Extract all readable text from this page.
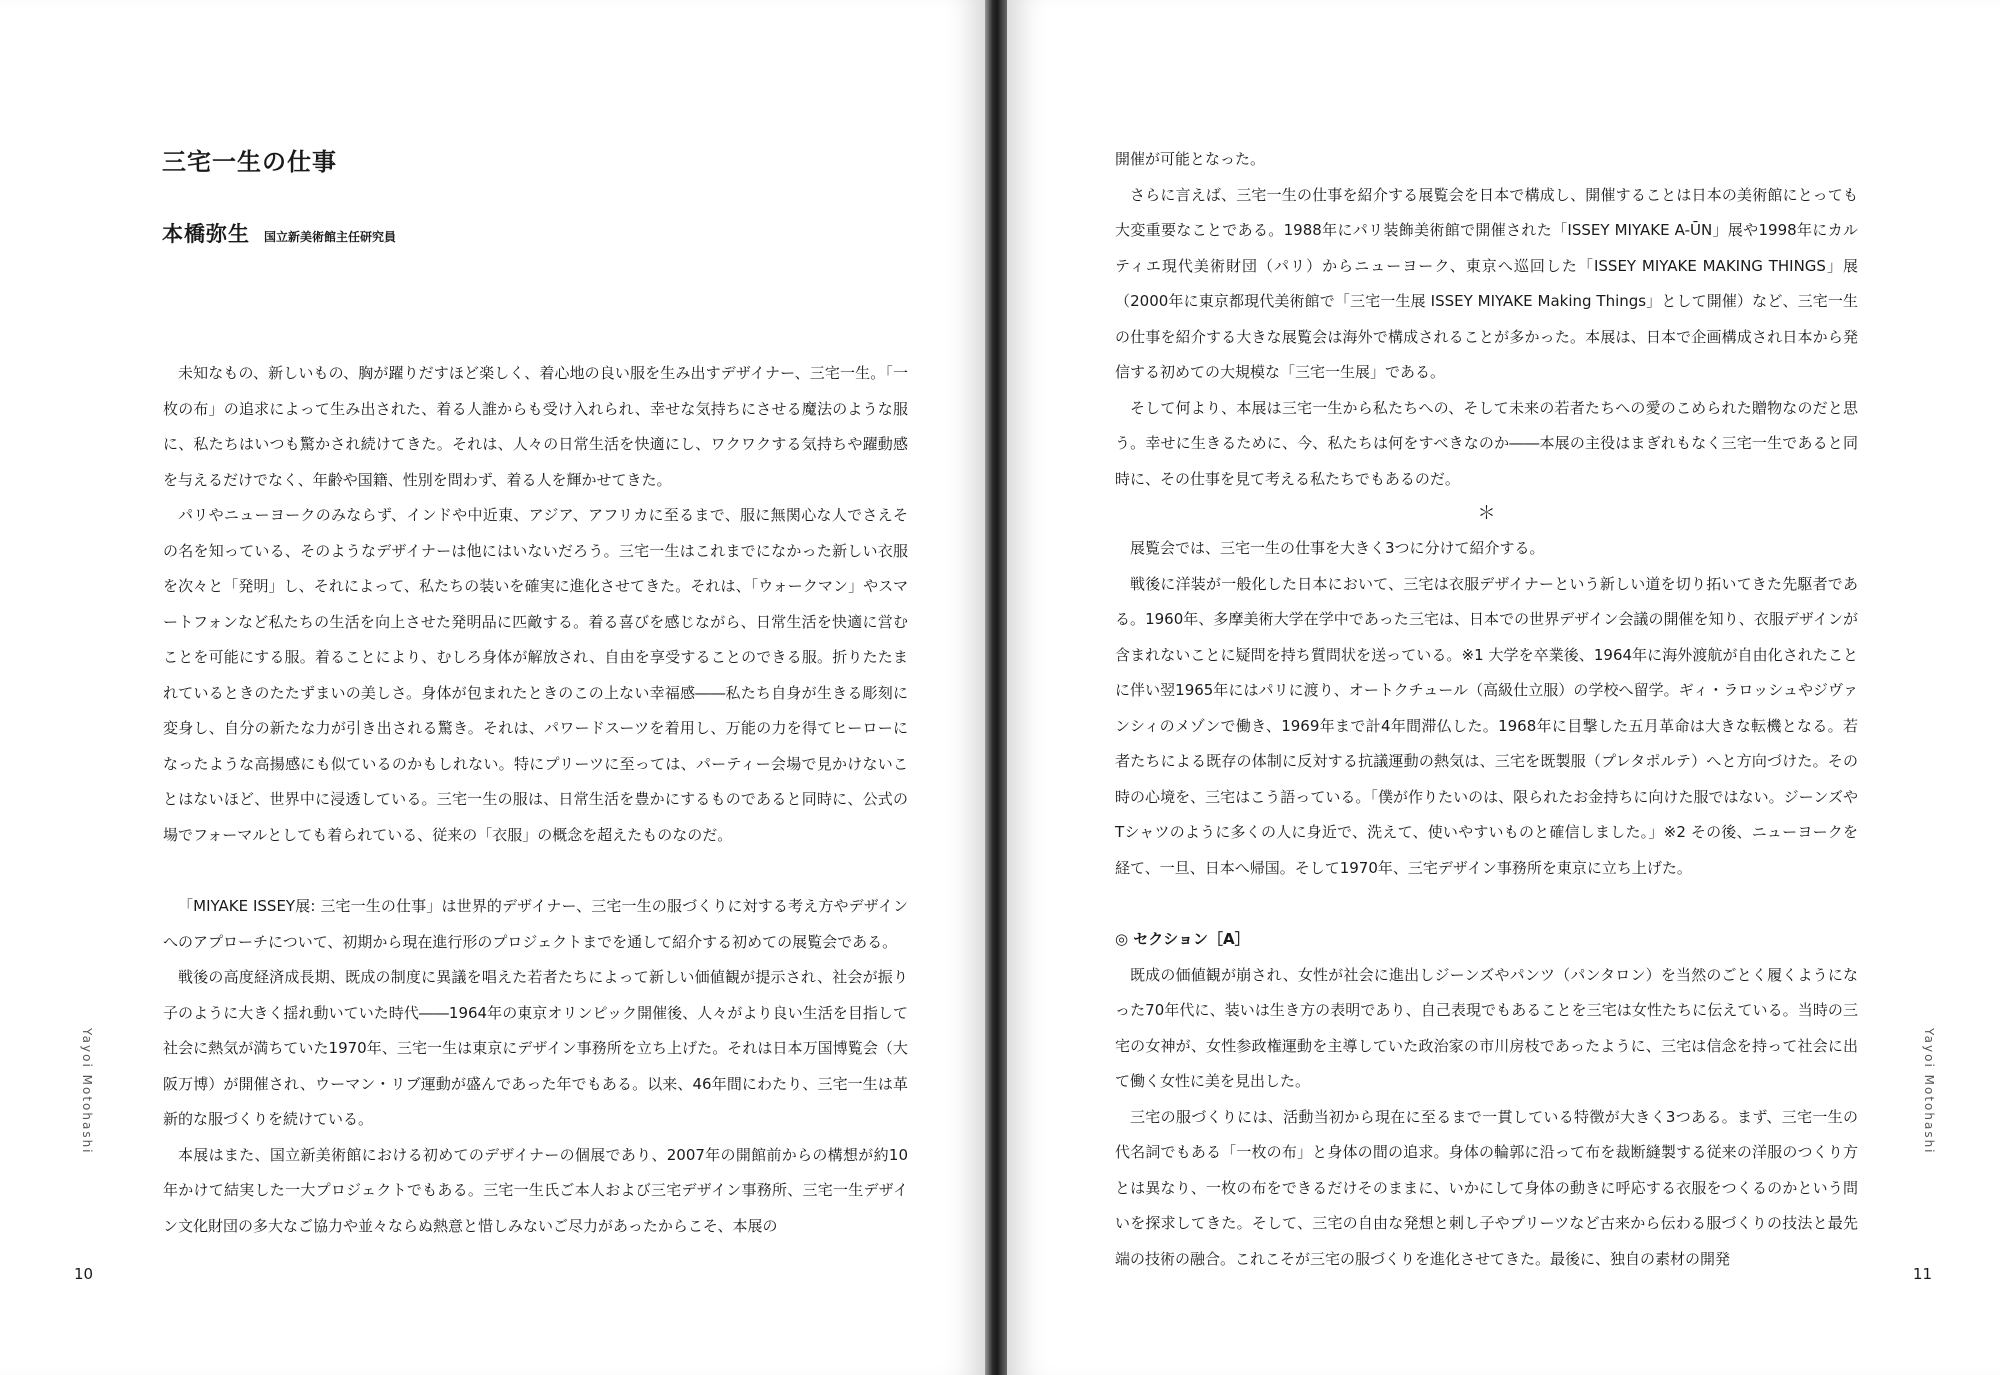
三宅一生の仕事
本橋弥生 国立新美術館主任研究員

未知なもの、新しいもの、胸が躍りだすほど楽しく、着心地の良い服を生み出すデザイナー、三宅一生。「一枚の布」の追求によって生み出された、着る人誰からも受け入れられ、幸せな気持ちにさせる魔法のような服に、私たちはいつも驚かされ続けてきた。それは、人々の日常生活を快適にし、ワクワクする気持ちや躍動感を与えるだけでなく、年齢や国籍、性別を問わず、着る人を輝かせてきた。

パリやニューヨークのみならず、インドや中近東、アジア、アフリカに至るまで、服に無関心な人でさえその名を知っている、そのようなデザイナーは他にはいないだろう。三宅一生はこれまでになかった新しい衣服を次々と「発明」し、それによって、私たちの装いを確実に進化させてきた。それは、「ウォークマン」やスマートフォンなど私たちの生活を向上させた発明品に匹敵する。着る喜びを感じながら、日常生活を快適に営むことを可能にする服。着ることにより、むしろ身体が解放され、自由を享受することのできる服。折りたたまれているときのたたずまいの美しさ。身体が包まれたときのこの上ない幸福感――私たち自身が生きる彫刻に変身し、自分の新たな力が引き出される驚き。それは、パワードスーツを着用し、万能の力を得てヒーローになったような高揚感にも似ているのかもしれない。特にプリーツに至っては、パーティー会場で見かけないことはないほど、世界中に浸透している。三宅一生の服は、日常生活を豊かにするものであると同時に、公式の場でフォーマルとしても着られている、従来の「衣服」の概念を超えたものなのだ。

「MIYAKE ISSEY展: 三宅一生の仕事」は世界的デザイナー、三宅一生の服づくりに対する考え方やデザインへのアプローチについて、初期から現在進行形のプロジェクトまでを通して紹介する初めての展覧会である。

戦後の高度経済成長期、既成の制度に異議を唱えた若者たちによって新しい価値観が提示され、社会が振り子のように大きく揺れ動いていた時代――1964年の東京オリンピック開催後、人々がより良い生活を目指して社会に熱気が満ちていた1970年、三宅一生は東京にデザイン事務所を立ち上げた。それは日本万国博覧会（大阪万博）が開催され、ウーマン・リブ運動が盛んであった年でもある。以来、46年間にわたり、三宅一生は革新的な服づくりを続けている。

本展はまた、国立新美術館における初めてのデザイナーの個展であり、2007年の開館前からの構想が約10年かけて結実した一大プロジェクトでもある。三宅一生氏ご本人および三宅デザイン事務所、三宅一生デザイン文化財団の多大なご協力や並々ならぬ熱意と惜しみないご尽力があったからこそ、本展の

Yayoi Motohashi
10

開催が可能となった。

さらに言えば、三宅一生の仕事を紹介する展覧会を日本で構成し、開催することは日本の美術館にとっても大変重要なことである。1988年にパリ装飾美術館で開催された「ISSEY MIYAKE A-ŪN」展や1998年にカルティエ現代美術財団（パリ）からニューヨーク、東京へ巡回した「ISSEY MIYAKE MAKING THINGS」展（2000年に東京都現代美術館で「三宅一生展 ISSEY MIYAKE Making Things」として開催）など、三宅一生の仕事を紹介する大きな展覧会は海外で構成されることが多かった。本展は、日本で企画構成され日本から発信する初めての大規模な「三宅一生展」である。

そして何より、本展は三宅一生から私たちへの、そして未来の若者たちへの愛のこめられた贈物なのだと思う。幸せに生きるために、今、私たちは何をすべきなのか――本展の主役はまぎれもなく三宅一生であると同時に、その仕事を見て考える私たちでもあるのだ。

＊

展覧会では、三宅一生の仕事を大きく3つに分けて紹介する。

戦後に洋装が一般化した日本において、三宅は衣服デザイナーという新しい道を切り拓いてきた先駆者である。1960年、多摩美術大学在学中であった三宅は、日本での世界デザイン会議の開催を知り、衣服デザインが含まれないことに疑問を持ち質問状を送っている。※1 大学を卒業後、1964年に海外渡航が自由化されたことに伴い翌1965年にはパリに渡り、オートクチュール（高級仕立服）の学校へ留学。ギィ・ラロッシュやジヴァンシィのメゾンで働き、1969年まで計4年間滞仏した。1968年に目撃した五月革命は大きな転機となる。若者たちによる既存の体制に反対する抗議運動の熱気は、三宅を既製服（プレタポルテ）へと方向づけた。その時の心境を、三宅はこう語っている。「僕が作りたいのは、限られたお金持ちに向けた服ではない。ジーンズやTシャツのように多くの人に身近で、洗えて、使いやすいものと確信しました。」※2 その後、ニューヨークを経て、一旦、日本へ帰国。そして1970年、三宅デザイン事務所を東京に立ち上げた。

◎ セクション［A］

既成の価値観が崩され、女性が社会に進出しジーンズやパンツ（パンタロン）を当然のごとく履くようになった70年代に、装いは生き方の表明であり、自己表現でもあることを三宅は女性たちに伝えている。当時の三宅の女神が、女性参政権運動を主導していた政治家の市川房枝であったように、三宅は信念を持って社会に出て働く女性に美を見出した。

三宅の服づくりには、活動当初から現在に至るまで一貫している特徴が大きく3つある。まず、三宅一生の代名詞でもある「一枚の布」と身体の間の追求。身体の輪郭に沿って布を裁断縫製する従来の洋服のつくり方とは異なり、一枚の布をできるだけそのままに、いかにして身体の動きに呼応する衣服をつくるのかという問いを探求してきた。そして、三宅の自由な発想と刺し子やプリーツなど古来から伝わる服づくりの技法と最先端の技術の融合。これこそが三宅の服づくりを進化させてきた。最後に、独自の素材の開発

Yayoi Motohashi
11
